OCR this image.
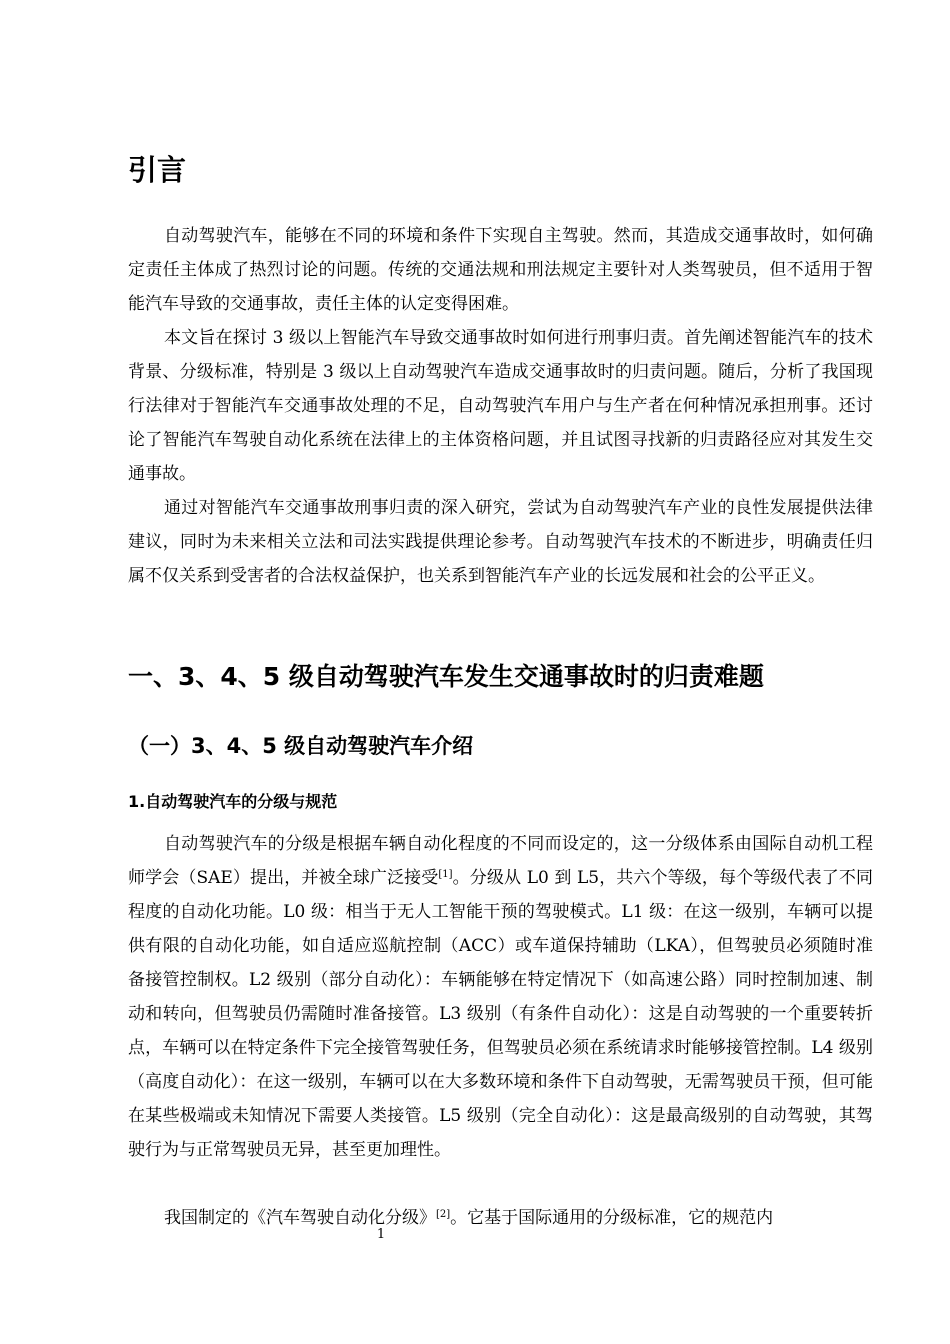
引言

自动驾驶汽车，能够在不同的环境和条件下实现自主驾驶。然而，其造成交通事故时，如何确定责任主体成了热烈讨论的问题。传统的交通法规和刑法规定主要针对人类驾驶员，但不适用于智能汽车导致的交通事故，责任主体的认定变得困难。

本文旨在探讨 3 级以上智能汽车导致交通事故时如何进行刑事归责。首先阐述智能汽车的技术背景、分级标准，特别是 3 级以上自动驾驶汽车造成交通事故时的归责问题。随后，分析了我国现行法律对于智能汽车交通事故处理的不足，自动驾驶汽车用户与生产者在何种情况承担刑事。还讨论了智能汽车驾驶自动化系统在法律上的主体资格问题，并且试图寻找新的归责路径应对其发生交通事故。

通过对智能汽车交通事故刑事归责的深入研究，尝试为自动驾驶汽车产业的良性发展提供法律建议，同时为未来相关立法和司法实践提供理论参考。自动驾驶汽车技术的不断进步，明确责任归属不仅关系到受害者的合法权益保护，也关系到智能汽车产业的长远发展和社会的公平正义。

一、3、4、5 级自动驾驶汽车发生交通事故时的归责难题
（一）3、4、5 级自动驾驶汽车介绍
1.自动驾驶汽车的分级与规范

自动驾驶汽车的分级是根据车辆自动化程度的不同而设定的，这一分级体系由国际自动机工程师学会（SAE）提出，并被全球广泛接受[1]。分级从 L0 到 L5，共六个等级，每个等级代表了不同程度的自动化功能。L0 级：相当于无人工智能干预的驾驶模式。L1 级：在这一级别，车辆可以提供有限的自动化功能，如自适应巡航控制（ACC）或车道保持辅助（LKA），但驾驶员必须随时准备接管控制权。L2 级别（部分自动化）：车辆能够在特定情况下（如高速公路）同时控制加速、制动和转向，但驾驶员仍需随时准备接管。L3 级别（有条件自动化）：这是自动驾驶的一个重要转折点，车辆可以在特定条件下完全接管驾驶任务，但驾驶员必须在系统请求时能够接管控制。L4 级别（高度自动化）：在这一级别，车辆可以在大多数环境和条件下自动驾驶，无需驾驶员干预，但可能在某些极端或未知情况下需要人类接管。L5 级别（完全自动化）：这是最高级别的自动驾驶，其驾驶行为与正常驾驶员无异，甚至更加理性。

我国制定的《汽车驾驶自动化分级》[2]。它基于国际通用的分级标准，它的规范内

1
